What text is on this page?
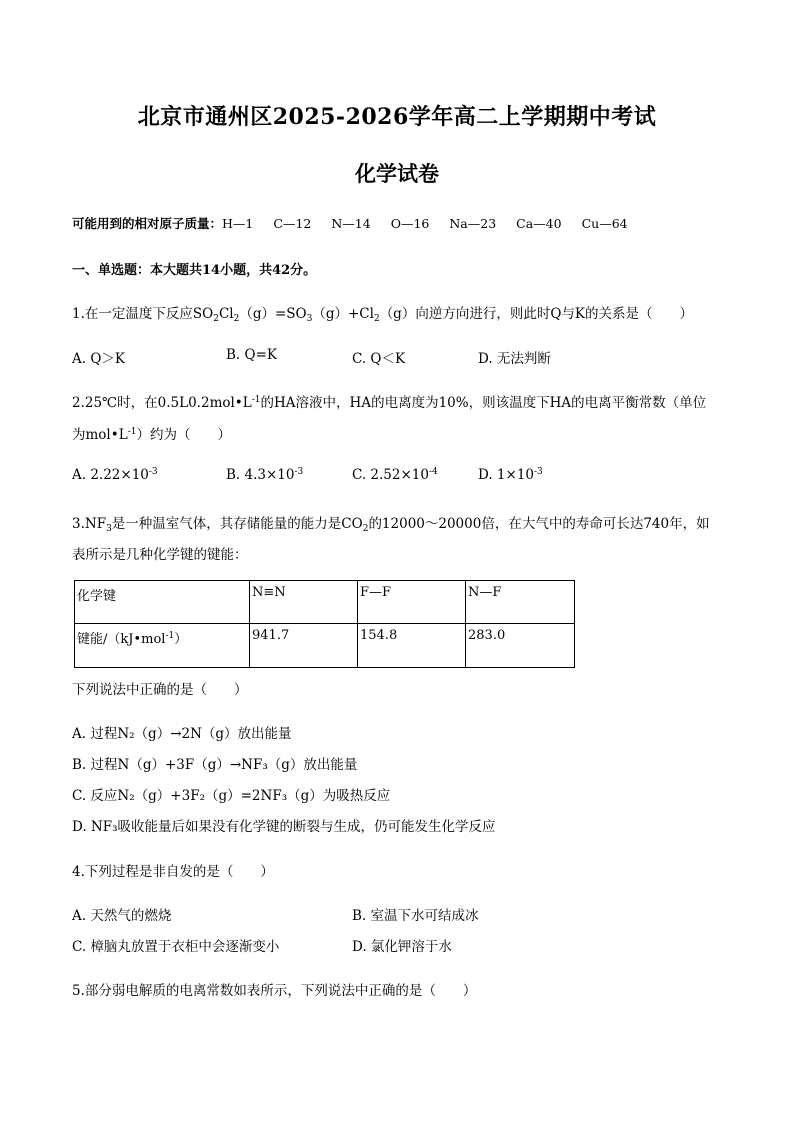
北京市通州区2025-2026学年高二上学期期中考试
化学试卷
可能用到的相对原子质量：H—1 C—12 N—14 O—16 Na—23 Ca—40 Cu—64
一、单选题：本大题共14小题，共42分。
1.在一定温度下反应$SO_2Cl_2(g)=SO_3(g)+Cl_2(g)$向逆方向进行，则此时Q与K的关系是（　　）
A. Q＞K	B. Q=K	C. Q＜K	D. 无法判断
2.25℃时，在$0.5L0.2mol•L^{-1}$的HA溶液中，HA的电离度为10%，则该温度下HA的电离平衡常数（单位
为$mol•L^{-1}$）约为（　　）
A. $2.22\times 10^{-3}$	B. $4.3\times 10^{-3}$	C. $2.52\times 10^{-4}$	D. $1\times 10^{-3}$
$3.NF_3$是一种温室气体，其存储能量的能力是$CO_2$的12000～20000倍，在大气中的寿命可长达740年，如
表所示是几种化学键的键能：
化学键	N≡N	F—F	N—F
键能/（kJ•mol$^{-1}$）	941.7	154.8	283.0
下列说法中正确的是（　　）
A. 过程N₂（g）→2N（g）放出能量
B. 过程N（g）+3F（g）→NF₃（g）放出能量
C. 反应N₂（g）+3F₂（g）=2NF₃（g）为吸热反应
D. NF₃吸收能量后如果没有化学键的断裂与生成，仍可能发生化学反应
4.下列过程是非自发的是（　　）
A. 天然气的燃烧	B. 室温下水可结成冰
C. 樟脑丸放置于衣柜中会逐渐变小	D. 氯化钾溶于水
5.部分弱电解质的电离常数如表所示，下列说法中正确的是（　　）
